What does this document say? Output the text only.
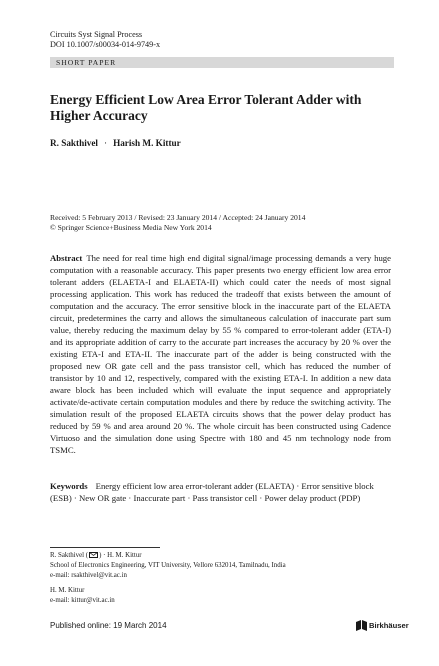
Circuits Syst Signal Process
DOI 10.1007/s00034-014-9749-x
SHORT PAPER
Energy Efficient Low Area Error Tolerant Adder with Higher Accuracy
R. Sakthivel · Harish M. Kittur
Received: 5 February 2013 / Revised: 23 January 2014 / Accepted: 24 January 2014
© Springer Science+Business Media New York 2014
Abstract The need for real time high end digital signal/image processing demands a very huge computation with a reasonable accuracy. This paper presents two energy efficient low area error tolerant adders (ELAETA-I and ELAETA-II) which could cater the needs of most signal processing application. This work has reduced the tradeoff that exists between the amount of computation and the accuracy. The error sensitive block in the inaccurate part of the ELAETA circuit, predetermines the carry and allows the simultaneous calculation of inaccurate part sum value, thereby reducing the maximum delay by 55 % compared to error-tolerant adder (ETA-I) and its appropriate addition of carry to the accurate part increases the accuracy by 20 % over the existing ETA-I and ETA-II. The inaccurate part of the adder is being constructed with the proposed new OR gate cell and the pass transistor cell, which has reduced the number of transistor by 10 and 12, respectively, compared with the existing ETA-I. In addition a new data aware block has been included which will evaluate the input sequence and appropriately activate/de-activate certain computation modules and there by reduce the switching activity. The simulation result of the proposed ELAETA circuits shows that the power delay product has reduced by 59 % and area around 20 %. The whole circuit has been constructed using Cadence Virtuoso and the simulation done using Spectre with 180 and 45 nm technology node from TSMC.
Keywords Energy efficient low area error-tolerant adder (ELAETA) · Error sensitive block (ESB) · New OR gate · Inaccurate part · Pass transistor cell · Power delay product (PDP)
R. Sakthivel ( ) · H. M. Kittur
School of Electronics Engineering, VIT University, Vellore 632014, Tamilnadu, India
e-mail: rsakthivel@vit.ac.in
H. M. Kittur
e-mail: kittur@vit.ac.in
Published online: 19 March 2014	Birkhäuser
